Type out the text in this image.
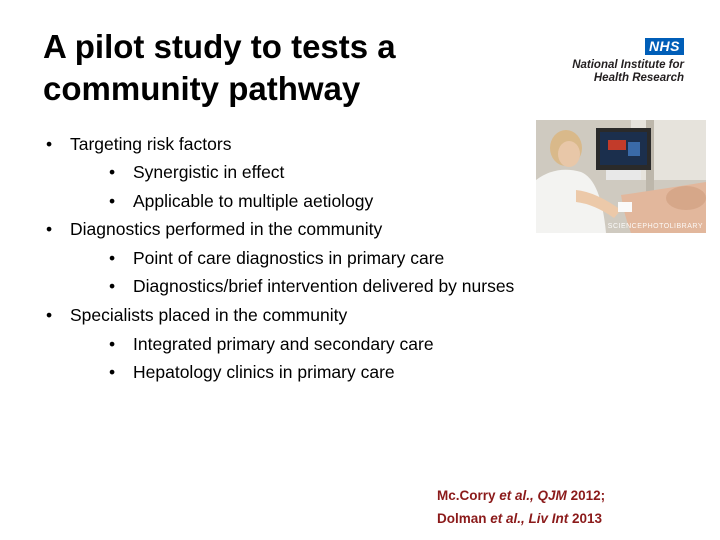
A pilot study to tests a
community pathway
NHS
National Institute for
Health Research
SCIENCEPHOTOLIBRARY
• Targeting risk factors
• Synergistic in effect
• Applicable to multiple aetiology
• Diagnostics performed in the community
• Point of care diagnostics in primary care
• Diagnostics/brief intervention delivered by nurses
• Specialists placed in the community
• Integrated primary and secondary care
• Hepatology clinics in primary care
Mc.Corry et al., QJM 2012;
Dolman et al., Liv Int 2013
